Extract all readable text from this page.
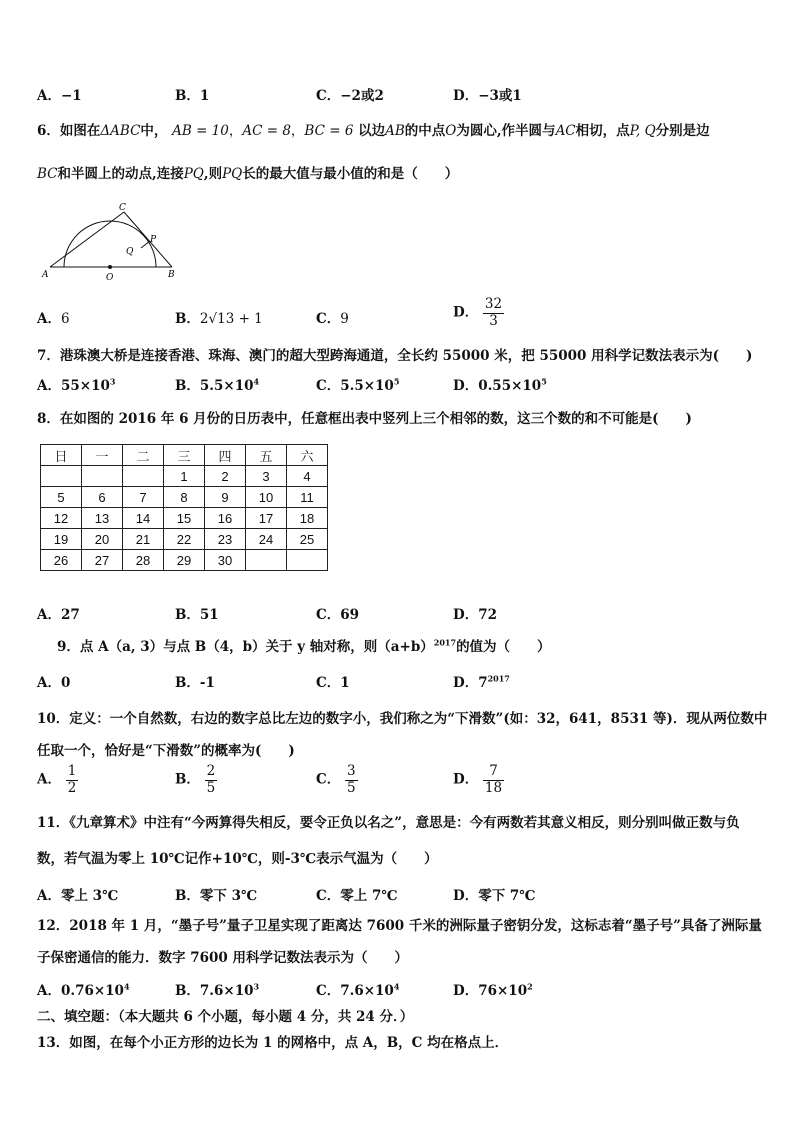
A．−1	B．1	C．−2或2	D．−3或1
6．如图在ΔABC中， AB = 10，AC = 8，BC = 6 以边AB的中点O为圆心,作半圆与AC相切，点P, Q分别是边
BC和半圆上的动点,连接PQ,则PQ长的最大值与最小值的和是（　　）
A	B
C
O
P
Q
A．6	B．2√13 + 1	C．9	D． $\frac{32}{3}$
7．港珠澳大桥是连接香港、珠海、澳门的超大型跨海通道，全长约 55000 米，把 55000 用科学记数法表示为(　　)
A．$55\times 10^3$	B．$5.5\times 10^4$	C．$5.5\times 10^5$	D．$0.55\times 10^5$
8．在如图的 2016 年 6 月份的日历表中，任意框出表中竖列上三个相邻的数，这三个数的和不可能是(　　)
日	一	二	三	四	五	六
			1	2	3	4
5	6	7	8	9	10	11
12	13	14	15	16	17	18
19	20	21	22	23	24	25
26	27	28	29	30		
A．27	B．51	C．69	D．72
9．点 A（a, 3）与点 B（4，b）关于 y 轴对称，则$(a+b)^{2017}$的值为（　　）
A．0	B．-1	C．1	D．$7^{2017}$
10．定义：一个自然数，右边的数字总比左边的数字小，我们称之为“下滑数”(如：32，641，8531 等)．现从两位数中
任取一个，恰好是“下滑数”的概率为(　　)
A． $\frac{1}{2}$	B． $\frac{2}{5}$	C． $\frac{3}{5}$	D． $\frac{7}{18}$
11．《九章算术》中注有“今两算得失相反，要令正负以名之”，意思是：今有两数若其意义相反，则分别叫做正数与负
数，若气温为零上 10℃记作+10℃，则-3℃表示气温为（　　）
A．零上 3℃	B．零下 3℃	C．零上 7℃	D．零下 7℃
12．2018 年 1 月，“墨子号”量子卫星实现了距离达 7600 千米的洲际量子密钥分发，这标志着“墨子号”具备了洲际量
子保密通信的能力．数字 7600 用科学记数法表示为（　　）
A．$0.76\times 10^4$	B．$7.6\times 10^3$	C．$7.6\times 10^4$	D．$76\times 10^2$
二、填空题：（本大题共 6 个小题，每小题 4 分，共 24 分．）
13．如图，在每个小正方形的边长为 1 的网格中，点 A，B，C 均在格点上．
